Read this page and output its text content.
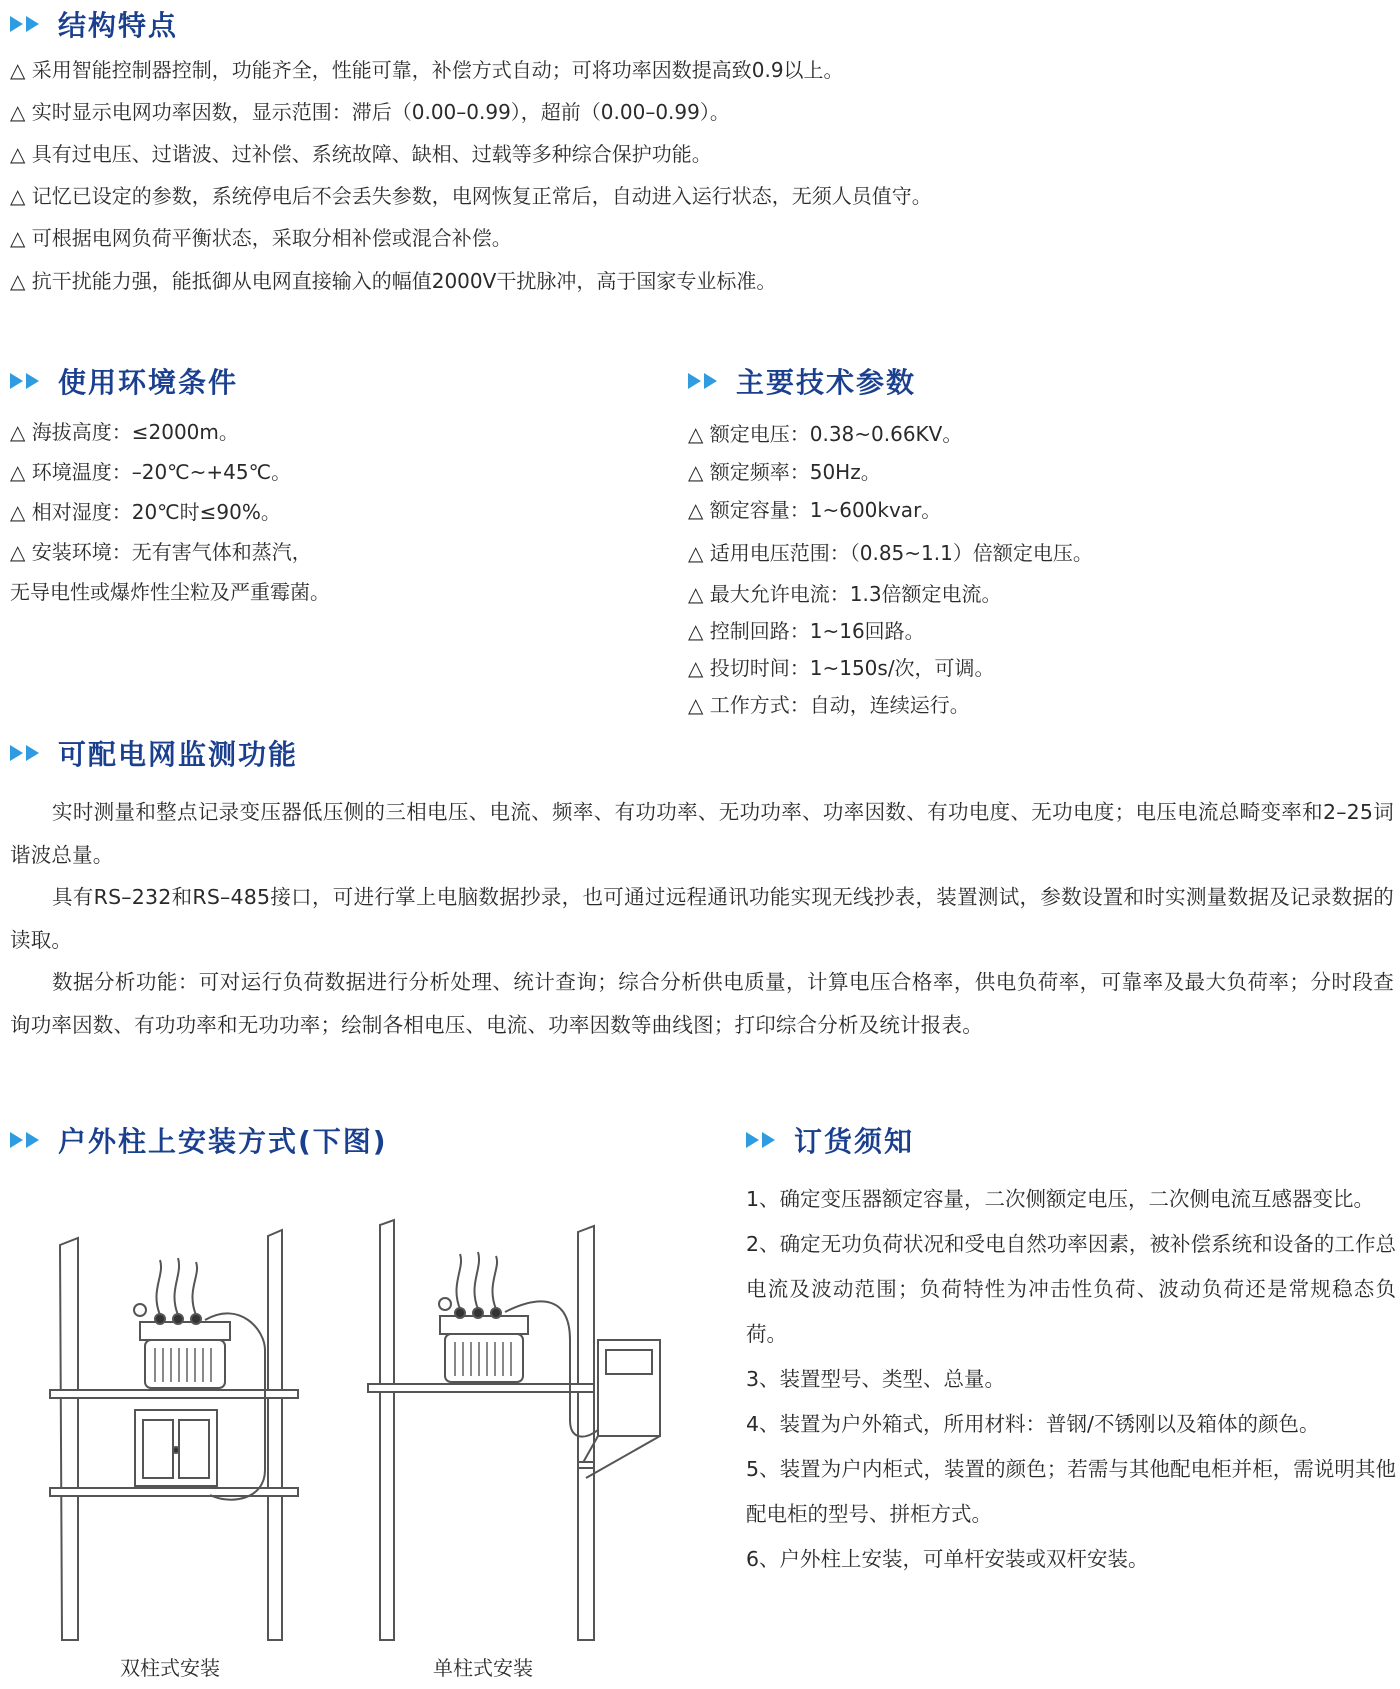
结构特点
△ 采用智能控制器控制，功能齐全，性能可靠，补偿方式自动；可将功率因数提高致0.9以上。
△ 实时显示电网功率因数，显示范围：滞后（0.00–0.99），超前（0.00–0.99）。
△ 具有过电压、过谐波、过补偿、系统故障、缺相、过载等多种综合保护功能。
△ 记忆已设定的参数，系统停电后不会丢失参数，电网恢复正常后，自动进入运行状态，无须人员值守。
△ 可根据电网负荷平衡状态，采取分相补偿或混合补偿。
△ 抗干扰能力强，能抵御从电网直接输入的幅值2000V干扰脉冲，高于国家专业标准。
使用环境条件
△ 海拔高度：≤2000m。
△ 环境温度：–20℃~+45℃。
△ 相对湿度：20℃时≤90%。
△ 安装环境：无有害气体和蒸汽，
无导电性或爆炸性尘粒及严重霉菌。
主要技术参数
△ 额定电压：0.38~0.66KV。
△ 额定频率：50Hz。
△ 额定容量：1~600kvar。
△ 适用电压范围：（0.85~1.1）倍额定电压。
△ 最大允许电流：1.3倍额定电流。
△ 控制回路：1~16回路。
△ 投切时间：1~150s/次，可调。
△ 工作方式：自动，连续运行。
可配电网监测功能

实时测量和整点记录变压器低压侧的三相电压、电流、频率、有功功率、无功功率、功率因数、有功电度、无功电度；电压电流总畸变率和2–25词谐波总量。

具有RS–232和RS–485接口，可进行掌上电脑数据抄录，也可通过远程通讯功能实现无线抄表，装置测试，参数设置和时实测量数据及记录数据的读取。

数据分析功能：可对运行负荷数据进行分析处理、统计查询；综合分析供电质量，计算电压合格率，供电负荷率，可靠率及最大负荷率；分时段查询功率因数、有功功率和无功功率；绘制各相电压、电流、功率因数等曲线图；打印综合分析及统计报表。

户外柱上安装方式(下图)	订货须知

1、确定变压器额定容量，二次侧额定电压，二次侧电流互感器变比。

2、确定无功负荷状况和受电自然功率因素，被补偿系统和设备的工作总电流及波动范围；负荷特性为冲击性负荷、波动负荷还是常规稳态负荷。

3、装置型号、类型、总量。

4、装置为户外箱式，所用材料：普钢/不锈刚以及箱体的颜色。

5、装置为户内柜式，装置的颜色；若需与其他配电柜并柜，需说明其他配电柜的型号、拼柜方式。

6、户外柱上安装，可单杆安装或双杆安装。

双柱式安装	单柱式安装
